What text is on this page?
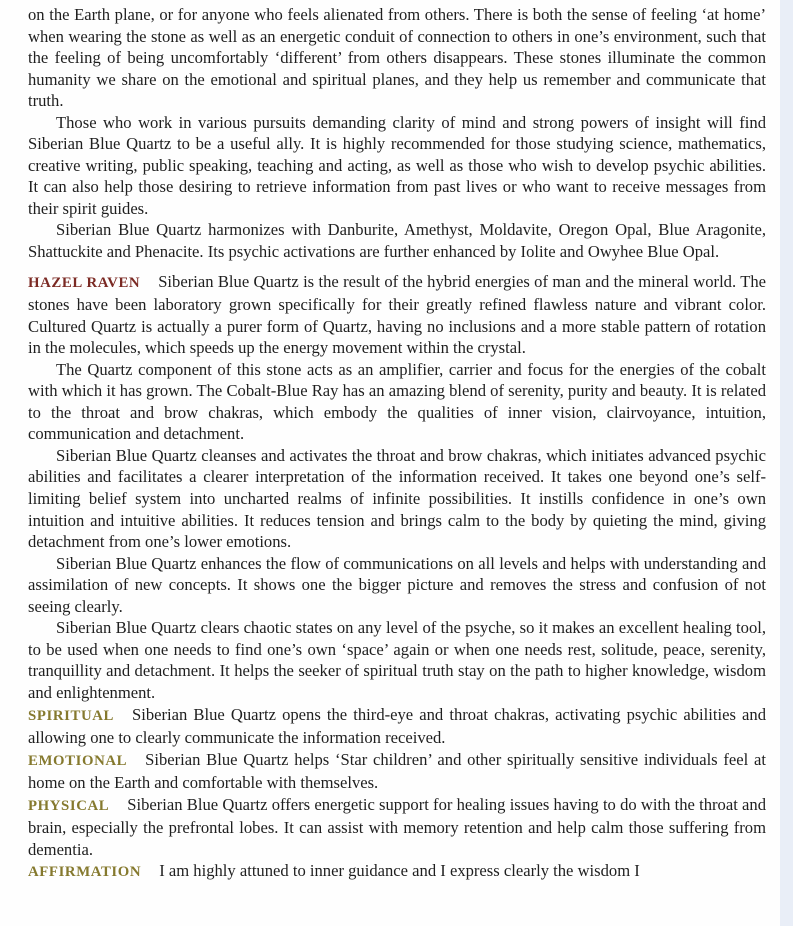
on the Earth plane, or for anyone who feels alienated from others. There is both the sense of feeling ‘at home’ when wearing the stone as well as an energetic conduit of connection to others in one’s environment, such that the feeling of being uncomfortably ‘different’ from others disappears. These stones illuminate the common humanity we share on the emotional and spiritual planes, and they help us remember and communicate that truth.

Those who work in various pursuits demanding clarity of mind and strong powers of insight will find Siberian Blue Quartz to be a useful ally. It is highly recommended for those studying science, mathematics, creative writing, public speaking, teaching and acting, as well as those who wish to develop psychic abilities. It can also help those desiring to retrieve information from past lives or who want to receive messages from their spirit guides.

Siberian Blue Quartz harmonizes with Danburite, Amethyst, Moldavite, Oregon Opal, Blue Aragonite, Shattuckite and Phenacite. Its psychic activations are further enhanced by Iolite and Owyhee Blue Opal.

HAZEL RAVEN Siberian Blue Quartz is the result of the hybrid energies of man and the mineral world. The stones have been laboratory grown specifically for their greatly refined flawless nature and vibrant color. Cultured Quartz is actually a purer form of Quartz, having no inclusions and a more stable pattern of rotation in the molecules, which speeds up the energy movement within the crystal.

The Quartz component of this stone acts as an amplifier, carrier and focus for the energies of the cobalt with which it has grown. The Cobalt-Blue Ray has an amazing blend of serenity, purity and beauty. It is related to the throat and brow chakras, which embody the qualities of inner vision, clairvoyance, intuition, communication and detachment.

Siberian Blue Quartz cleanses and activates the throat and brow chakras, which initiates advanced psychic abilities and facilitates a clearer interpretation of the information received. It takes one beyond one’s self-limiting belief system into uncharted realms of infinite possibilities. It instills confidence in one’s own intuition and intuitive abilities. It reduces tension and brings calm to the body by quieting the mind, giving detachment from one’s lower emotions.

Siberian Blue Quartz enhances the flow of communications on all levels and helps with understanding and assimilation of new concepts. It shows one the bigger picture and removes the stress and confusion of not seeing clearly.

Siberian Blue Quartz clears chaotic states on any level of the psyche, so it makes an excellent healing tool, to be used when one needs to find one’s own ‘space’ again or when one needs rest, solitude, peace, serenity, tranquillity and detachment. It helps the seeker of spiritual truth stay on the path to higher knowledge, wisdom and enlightenment.

SPIRITUAL Siberian Blue Quartz opens the third-eye and throat chakras, activating psychic abilities and allowing one to clearly communicate the information received.

EMOTIONAL Siberian Blue Quartz helps ‘Star children’ and other spiritually sensitive individuals feel at home on the Earth and comfortable with themselves.

PHYSICAL Siberian Blue Quartz offers energetic support for healing issues having to do with the throat and brain, especially the prefrontal lobes. It can assist with memory retention and help calm those suffering from dementia.

AFFIRMATION I am highly attuned to inner guidance and I express clearly the wisdom I
